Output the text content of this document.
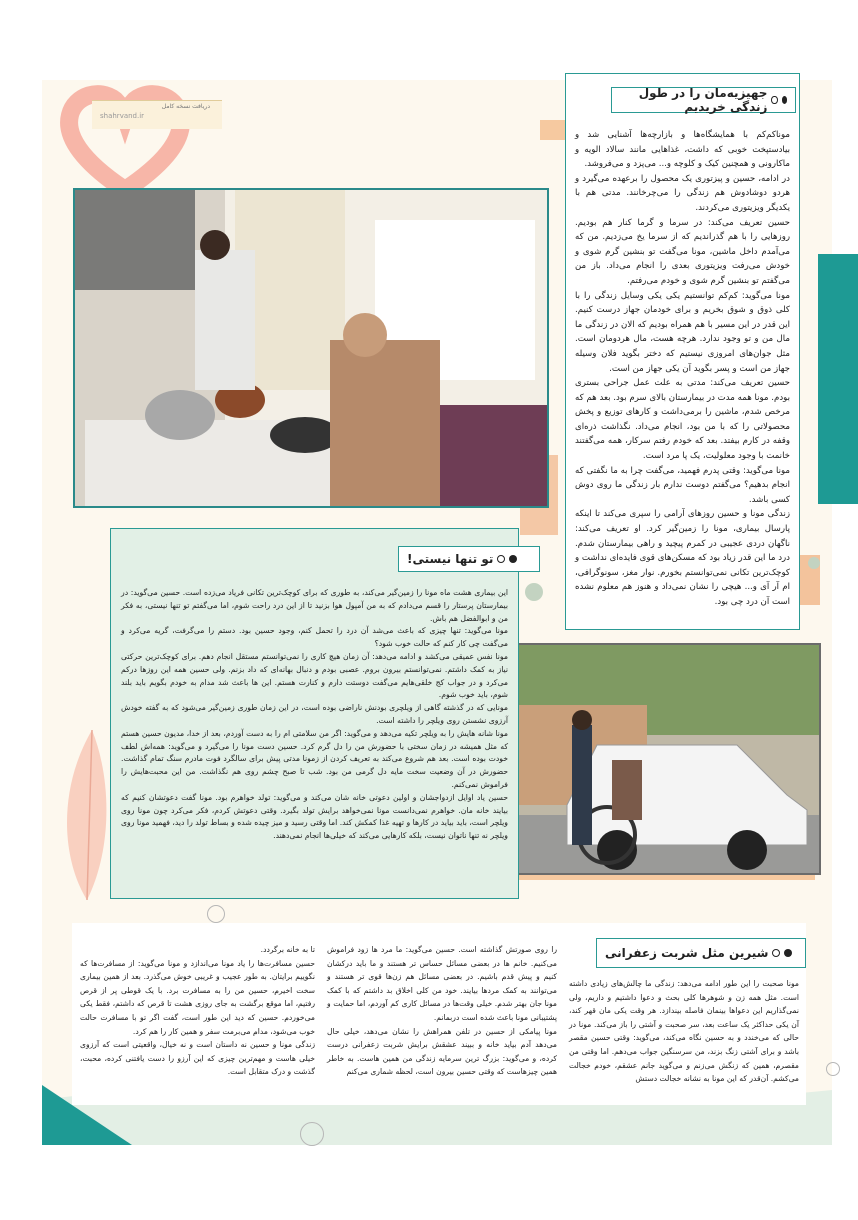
دریافت نسخه کامل
shahrvand.ir
جهیزیه‌مان را در طول زندگی خریدیم
موناکم‌کم با همایشگاه‌ها و بازارچه‌ها آشنایی شد و بیادستپخت خوبی که داشت، غذاهایی مانند سالاد الویه و ماکارونی و همچنین کیک و کلوچه و... می‌پزد و می‌فروشد.
در ادامه، حسین و پیزتوری یک محصول را برعهده می‌گیرد و هردو دوشادوش هم زندگی را می‌چرخانند. مدتی هم با یکدیگر ویزیتوری می‌کردند.
حسین تعریف می‌کند: در سرما و گرما کنار هم بودیم. روزهایی را با هم گذراندیم که از سرما یخ می‌زدیم. من که می‌آمدم داخل ماشین، مونا می‌گفت تو بنشین گرم شوی و خودش می‌رفت ویزیتوری بعدی را انجام می‌داد. باز من می‌گفتم تو بنشین گرم شوی و خودم می‌رفتم.
مونا می‌گوید: کم‌کم توانستیم یکی یکی وسایل زندگی را با کلی ذوق و شوق بخریم و برای خودمان جهاز درست کنیم. این قدر در این مسیر با هم همراه بودیم که الان در زندگی ما مال من و تو وجود ندارد. هرچه هست، مال هردومان است. مثل جوان‌های امروزی نیستیم که دختر بگوید فلان وسیله جهاز من است و پسر بگوید آن یکی جهاز من است.
حسین تعریف می‌کند: مدتی به علت عمل جراحی بستری بودم. مونا همه مدت در بیمارستان بالای سرم بود. بعد هم که مرخص شدم، ماشین را برمی‌داشت و کارهای توزیع و پخش محصولاتی را که با من بود، انجام می‌داد. نگذاشت ذره‌ای وقفه در کارم بیفتد. بعد که خودم رفتم سرکار، همه می‌گفتند خانمت با وجود معلولیت، یک پا مرد است.
مونا می‌گوید: وقتی پدرم فهمید، می‌گفت چرا به ما نگفتی که انجام بدهیم؟ می‌گفتم دوست ندارم بار زندگی ما روی دوش کسی باشد.
زندگی مونا و حسین روزهای آرامی را سپری می‌کند تا اینکه پارسال بیماری، مونا را زمین‌گیر کرد. او تعریف می‌کند: ناگهان دردی عجیبی در کمرم پیچید و راهی بیمارستان شدم. درد ما این قدر زیاد بود که مسکن‌های قوی فایده‌ای نداشت و کوچک‌ترین تکانی نمی‌توانستم بخورم. نوار مغز، سونوگرافی، ام آر آی و... هیچی را نشان نمی‌داد و هنوز هم معلوم نشده است آن درد چی بود.
تو تنها نیستی!
این بیماری هشت ماه مونا را زمین‌گیر می‌کند، به طوری که برای کوچک‌ترین تکانی فریاد می‌زده است. حسین می‌گوید: در بیمارستان پرستار را قسم می‌دادم که به من آمپول هوا بزنید تا از این درد راحت شوم، اما می‌گفتم تو تنها نیستی، به فکر من و ابوالفضل هم باش.
مونا می‌گوید: تنها چیزی که باعث می‌شد آن درد را تحمل کنم، وجود حسین بود. دستم را می‌گرفت، گریه می‌کرد و می‌گفت چی کار کنم که حالت خوب شود؟
مونا نفس عمیقی می‌کشد و ادامه می‌دهد: آن زمان هیچ کاری را نمی‌توانستم مستقل انجام دهم. برای کوچک‌ترین حرکتی نیاز به کمک داشتم. نمی‌توانستم بیرون بروم. عصبی بودم و دنبال بهانه‌ای که داد بزنم. ولی حسین همه این روزها درکم می‌کرد و در جواب کج خلقی‌هایم می‌گفت دوستت دارم و کنارت هستم. این ها باعث شد مدام به خودم بگویم باید بلند شوم، باید خوب شوم.
مونایی که در گذشته گاهی از ویلچری بودنش ناراضی بوده است، در این زمان طوری زمین‌گیر می‌شود که به گفته خودش آرزوی نشستن روی ویلچر را داشته است.
مونا شانه هایش را به ویلچر تکیه می‌دهد و می‌گوید: اگر من سلامتی ام را به دست آوردم، بعد از خدا، مدیون حسین هستم که مثل همیشه در زمان سختی با حضورش من را دل گرم کرد. حسین دست مونا را می‌گیرد و می‌گوید: همه‌اش لطف خودت بوده است. بعد هم شروع می‌کند به تعریف کردن از زمونا مدتی پیش برای سالگرد فوت مادرم سنگ تمام گذاشت. حضورش در آن وضعیت سخت مایه دل گرمی من بود. شب تا صبح چشم روی هم نگذاشت. من این محبت‌هایش را فراموش نمی‌کنم.
حسین یاد اوایل ازدواجشان و اولین دعوتی خانه شان می‌کند و می‌گوید: تولد خواهرم بود. مونا گفت دعوتشان کنیم که بیایند خانه مان. خواهرم نمی‌دانست مونا نمی‌خواهد برایش تولد بگیرد. وقتی دعوتش کردم، فکر می‌کرد چون مونا روی ویلچر است، باید بیاید در کارها و تهیه غذا کمکش کند. اما وقتی رسید و میز چیده شده و بساط تولد را دید، فهمید مونا روی ویلچر نه تنها ناتوان نیست، بلکه کارهایی می‌کند که خیلی‌ها انجام نمی‌دهند.
شیرین مثل شربت زعفرانی
مونا صحبت را این طور ادامه می‌دهد: زندگی ما چالش‌های زیادی داشته است. مثل همه زن و شوهرها کلی بحث و دعوا داشتیم و داریم، ولی نمی‌گذاریم این دعواها بینمان فاصله بیندازد. هر وقت یکی مان قهر کند، آن یکی حداکثر یک ساعت بعد، سر صحبت و آشتی را باز می‌کند. مونا در حالی که می‌خندد و به حسین نگاه می‌کند، می‌گوید: وقتی حسین مقصر باشد و برای آشتی زنگ بزند، من سرسنگین جواب می‌دهم. اما وقتی من مقصرم، همین که زنگش می‌زنم و می‌گوید جانم عشقم، خودم خجالت می‌کشم. آن‌قدر که این مونا به نشانه خجالت دستش
را روی صورتش گذاشته است. حسین می‌گوید: ما مرد ها زود فراموش می‌کنیم. خانم ها در بعضی مسائل حساس تر هستند و ما باید درکشان کنیم و پیش قدم باشیم. در بعضی مسائل هم زن‌ها قوی تر هستند و می‌توانند به کمک مردها بیایند. خود من کلی اخلاق بد داشتم که با کمک مونا جان بهتر شدم. خیلی وقت‌ها در مسائل کاری کم آوردم، اما حمایت و پشتیبانی مونا باعث شده است دربمانم.
مونا پیامکی از حسین در تلفن همراهش را نشان می‌دهد، خیلی حال می‌دهد آدم بیاید خانه و ببیند عشقش برایش شربت زعفرانی درست کرده، و می‌گوید: بزرگ ترین سرمایه زندگی من همین هاست. به خاطر همین چیزهاست که وقتی حسین بیرون است، لحظه شماری می‌کنم
تا به خانه برگردد.
حسین مسافرت‌ها را یاد مونا می‌اندازد و مونا می‌گوید: از مسافرت‌ها که نگوییم برایتان. به طور عجیب و غریبی خوش می‌گذرد. بعد از همین بیماری سخت اخیرم، حسین من را به مسافرت برد. با یک قوطی پر از قرص رفتیم، اما موقع برگشت به جای روزی هشت تا قرص که داشتم، فقط یکی می‌خوردم. حسین که دید این طور است، گفت اگر تو با مسافرت حالت خوب می‌شود، مدام می‌برمت سفر و همین کار را هم کرد.
زندگی مونا و حسین نه داستان است و نه خیال، واقعیتی است که آرزوی خیلی هاست و مهم‌ترین چیزی که این آرزو را دست یافتنی کرده، محبت، گذشت و درک متقابل است.
